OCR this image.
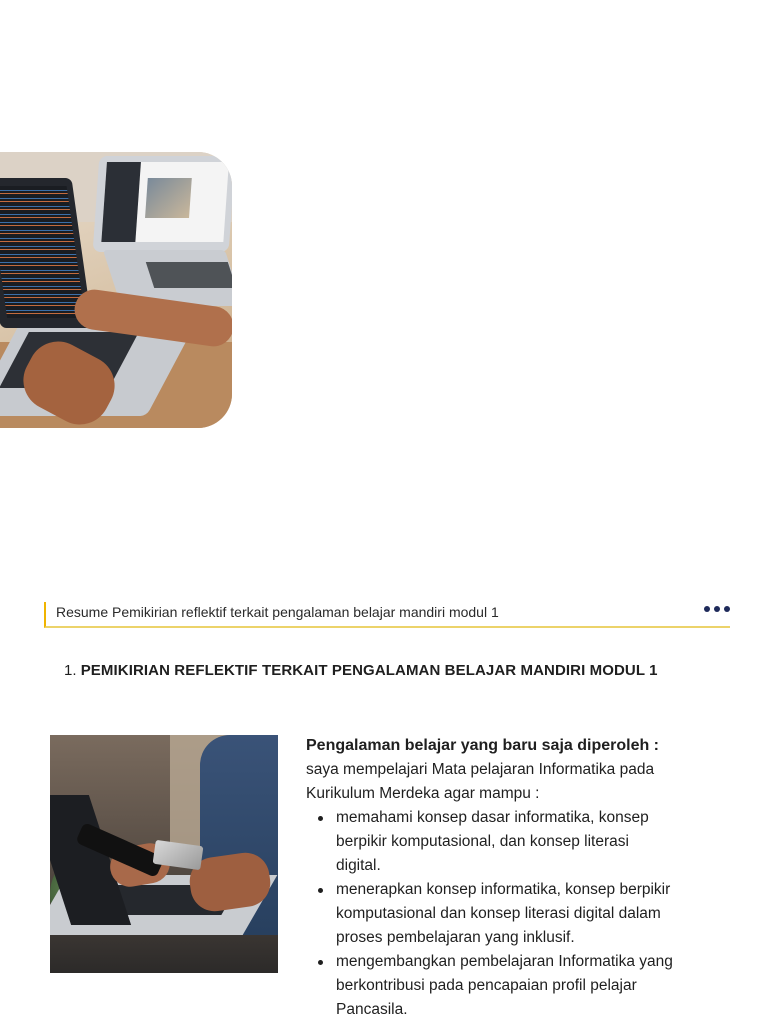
Resume Pemikirian reflektif terkait pengalaman belajar mandiri modul 1
1. PEMIKIRIAN REFLEKTIF TERKAIT PENGALAMAN BELAJAR MANDIRI MODUL 1
Pengalaman belajar yang baru saja diperoleh :
saya mempelajari Mata pelajaran Informatika pada
Kurikulum Merdeka agar mampu :
memahami konsep dasar informatika, konsep
berpikir komputasional, dan konsep literasi
digital.
menerapkan konsep informatika, konsep berpikir
komputasional dan konsep literasi digital dalam
proses pembelajaran yang inklusif.
mengembangkan pembelajaran Informatika yang
berkontribusi pada pencapaian profil pelajar
Pancasila.
